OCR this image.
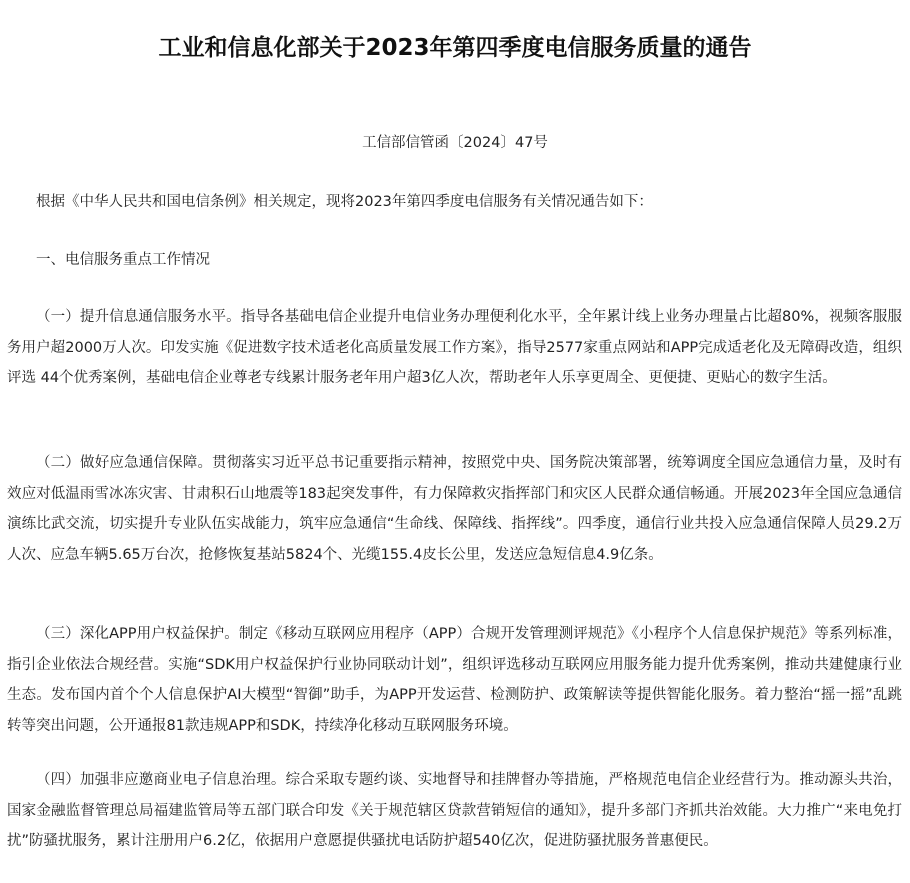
工业和信息化部关于2023年第四季度电信服务质量的通告
工信部信管函〔2024〕47号

根据《中华人民共和国电信条例》相关规定，现将2023年第四季度电信服务有关情况通告如下：

一、电信服务重点工作情况

（一）提升信息通信服务水平。指导各基础电信企业提升电信业务办理便利化水平，全年累计线上业务办理量占比超80%，视频客服服务用户超2000万人次。印发实施《促进数字技术适老化高质量发展工作方案》，指导2577家重点网站和APP完成适老化及无障碍改造，组织评选 44个优秀案例，基础电信企业尊老专线累计服务老年用户超3亿人次，帮助老年人乐享更周全、更便捷、更贴心的数字生活。

（二）做好应急通信保障。贯彻落实习近平总书记重要指示精神，按照党中央、国务院决策部署，统筹调度全国应急通信力量，及时有效应对低温雨雪冰冻灾害、甘肃积石山地震等183起突发事件，有力保障救灾指挥部门和灾区人民群众通信畅通。开展2023年全国应急通信演练比武交流，切实提升专业队伍实战能力，筑牢应急通信“生命线、保障线、指挥线”。四季度，通信行业共投入应急通信保障人员29.2万人次、应急车辆5.65万台次，抢修恢复基站5824个、光缆155.4皮长公里，发送应急短信息4.9亿条。

（三）深化APP用户权益保护。制定《移动互联网应用程序（APP）合规开发管理测评规范》《小程序个人信息保护规范》等系列标准，指引企业依法合规经营。实施“SDK用户权益保护行业协同联动计划”，组织评选移动互联网应用服务能力提升优秀案例，推动共建健康行业生态。发布国内首个个人信息保护AI大模型“智御”助手，为APP开发运营、检测防护、政策解读等提供智能化服务。着力整治“摇一摇”乱跳转等突出问题，公开通报81款违规APP和SDK，持续净化移动互联网服务环境。

（四）加强非应邀商业电子信息治理。综合采取专题约谈、实地督导和挂牌督办等措施，严格规范电信企业经营行为。推动源头共治，国家金融监督管理总局福建监管局等五部门联合印发《关于规范辖区贷款营销短信的通知》，提升多部门齐抓共治效能。大力推广“来电免打扰”防骚扰服务，累计注册用户6.2亿，依据用户意愿提供骚扰电话防护超540亿次，促进防骚扰服务普惠便民。
